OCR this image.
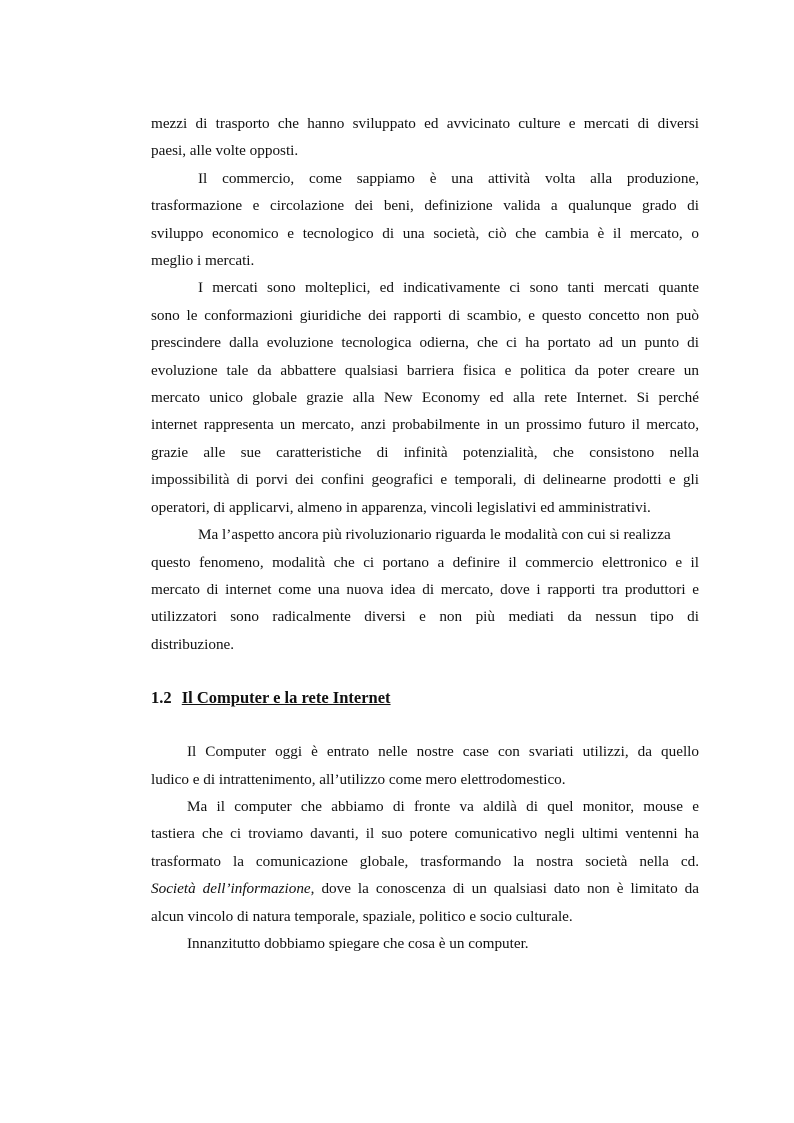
mezzi di trasporto che hanno sviluppato ed avvicinato culture e mercati di diversi
paesi, alle volte opposti.

Il commercio, come sappiamo è una attività volta alla produzione,
trasformazione e circolazione dei beni, definizione valida a qualunque grado di
sviluppo economico e tecnologico di una società, ciò che cambia è il mercato, o
meglio i mercati.

I mercati sono molteplici, ed indicativamente ci sono tanti mercati quante
sono le conformazioni giuridiche dei rapporti di scambio, e questo concetto non può
prescindere dalla evoluzione tecnologica odierna, che ci ha portato ad un punto di
evoluzione tale da abbattere qualsiasi barriera fisica e politica da poter creare un
mercato unico globale grazie alla New Economy ed alla rete Internet. Si perché
internet rappresenta un mercato, anzi probabilmente in un prossimo futuro il mercato,
grazie alle sue caratteristiche di infinità potenzialità, che consistono nella
impossibilità di porvi dei confini geografici e temporali, di delinearne prodotti e gli
operatori, di applicarvi, almeno in apparenza, vincoli legislativi ed amministrativi.

Ma l’aspetto ancora più rivoluzionario riguarda le modalità con cui si realizza
questo fenomeno, modalità che ci portano a definire il commercio elettronico e il
mercato di internet come una nuova idea di mercato, dove i rapporti tra produttori e
utilizzatori sono radicalmente diversi e non più mediati da nessun tipo di
distribuzione.

1.2 Il Computer e la rete Internet

Il Computer oggi è entrato nelle nostre case con svariati utilizzi, da quello
ludico e di intrattenimento, all’utilizzo come mero elettrodomestico.

Ma il computer che abbiamo di fronte va aldilà di quel monitor, mouse e
tastiera che ci troviamo davanti, il suo potere comunicativo negli ultimi ventenni ha
trasformato la comunicazione globale, trasformando la nostra società nella cd.
Società dell’informazione, dove la conoscenza di un qualsiasi dato non è limitato da
alcun vincolo di natura temporale, spaziale, politico e socio culturale.

Innanzitutto dobbiamo spiegare che cosa è un computer.
